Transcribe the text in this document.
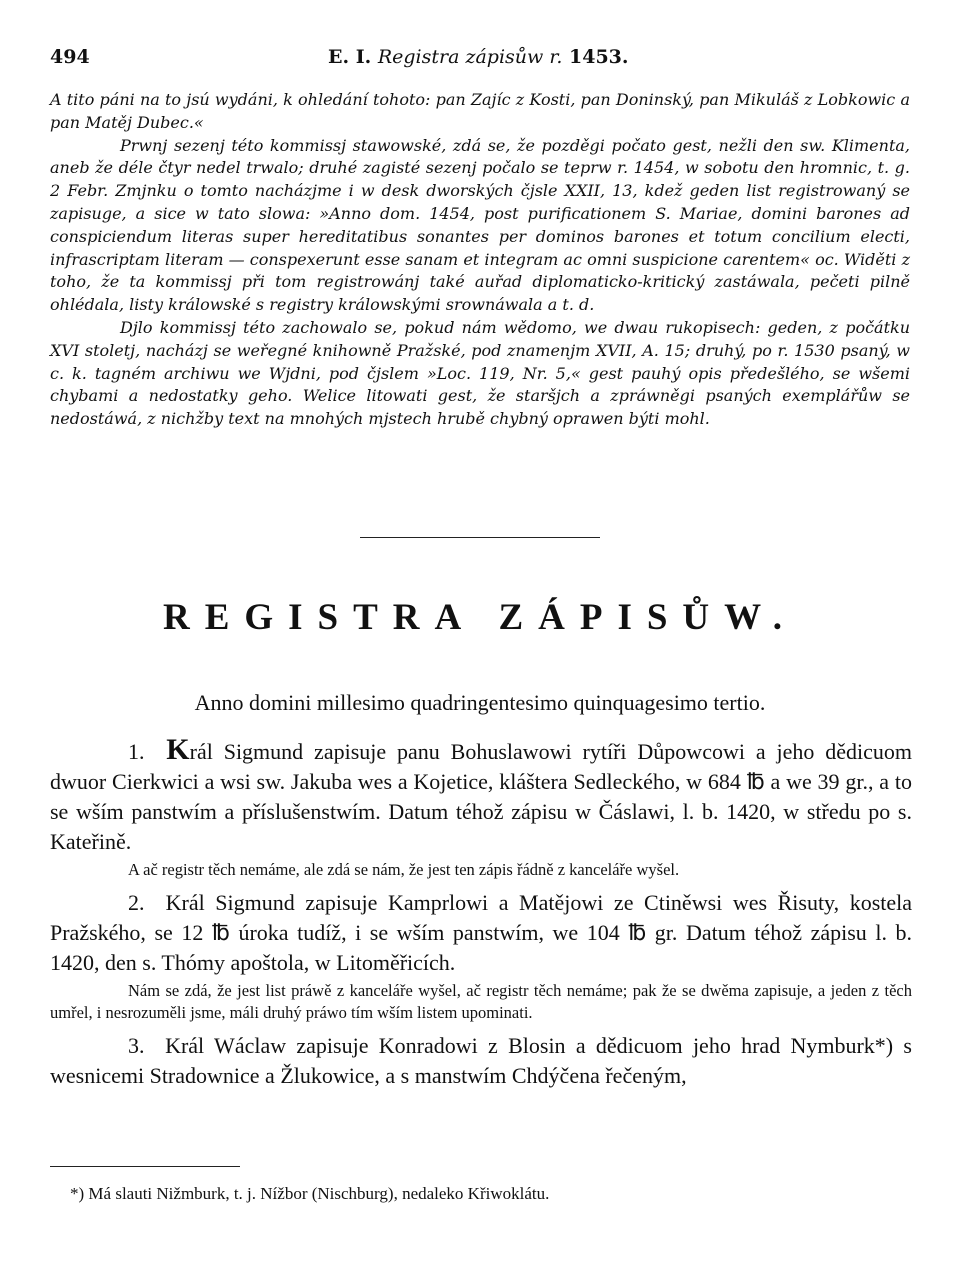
494	E. I. Registra zápisůw r. 1453.

A tito páni na to jsú wydáni, k ohledání tohoto: pan Zajíc z Kosti, pan Doninský, pan Mikuláš z Lobkowic a pan Matěj Dubec.«

Prwnj sezenj této kommissj stawowské, zdá se, že pozděgi počato gest, nežli den sw. Klimenta, aneb že déle čtyr nedel trwalo; druhé zagisté sezenj počalo se teprw r. 1454, w sobotu den hromnic, t. g. 2 Febr. Zmjnku o tomto nacházjme i w desk dworských čjsle XXII, 13, kdež geden list registrowaný se zapisuge, a sice w tato slowa: »Anno dom. 1454, post purificationem S. Mariae, domini barones ad conspiciendum literas super hereditatibus sonantes per dominos barones et totum concilium electi, infrascriptam literam — conspexerunt esse sanam et integram ac omni suspicione carentem« oc. Widěti z toho, že ta kommissj při tom registrowánj také auřad diplomaticko-kritický zastáwala, pečeti pilně ohlédala, listy králowské s registry králowskými srownáwala a t. d.

Djlo kommissj této zachowalo se, pokud nám wědomo, we dwau rukopisech: geden, z počátku XVI stoletj, nacházj se weřegné knihowně Pražské, pod znamenjm XVII, A. 15; druhý, po r. 1530 psaný, w c. k. tagném archiwu we Wjdni, pod čjslem »Loc. 119, Nr. 5,« gest pauhý opis předešlého, se wšemi chybami a nedostatky geho. Welice litowati gest, že staršjch a zpráwněgi psaných exemplářůw se nedostáwá, z nichžby text na mnohých mjstech hrubě chybný oprawen býti mohl.

REGISTRA ZÁPISŮW.
Anno domini millesimo quadringentesimo quinquagesimo tertio.

1. Král Sigmund zapisuje panu Bohuslawowi rytíři Důpowcowi a jeho dědicuom dwuor Cierkwici a wsi sw. Jakuba wes a Kojetice, kláštera Sedleckého, w 684 ℔ a we 39 gr., a to se wším panstwím a příslušenstwím. Datum téhož zápisu w Čáslawi, l. b. 1420, w středu po s. Kateřině.

A ač registr těch nemáme, ale zdá se nám, že jest ten zápis řádně z kanceláře wyšel.

2. Král Sigmund zapisuje Kamprlowi a Matějowi ze Ctiněwsi wes Řisuty, kostela Pražského, se 12 ℔ úroka tudíž, i se wším panstwím, we 104 ℔ gr. Datum téhož zápisu l. b. 1420, den s. Thómy apoštola, w Litoměřicích.

Nám se zdá, že jest list práwě z kanceláře wyšel, ač registr těch nemáme; pak že se dwěma zapisuje, a jeden z těch umřel, i nesrozuměli jsme, máli druhý práwo tím wším listem upominati.

3. Král Wáclaw zapisuje Konradowi z Blosin a dědicuom jeho hrad Nymburk*) s wesnicemi Stradownice a Žlukowice, a s manstwím Chdýčena řečeným,

*) Má slauti Nižmburk, t. j. Nížbor (Nischburg), nedaleko Křiwoklátu.
